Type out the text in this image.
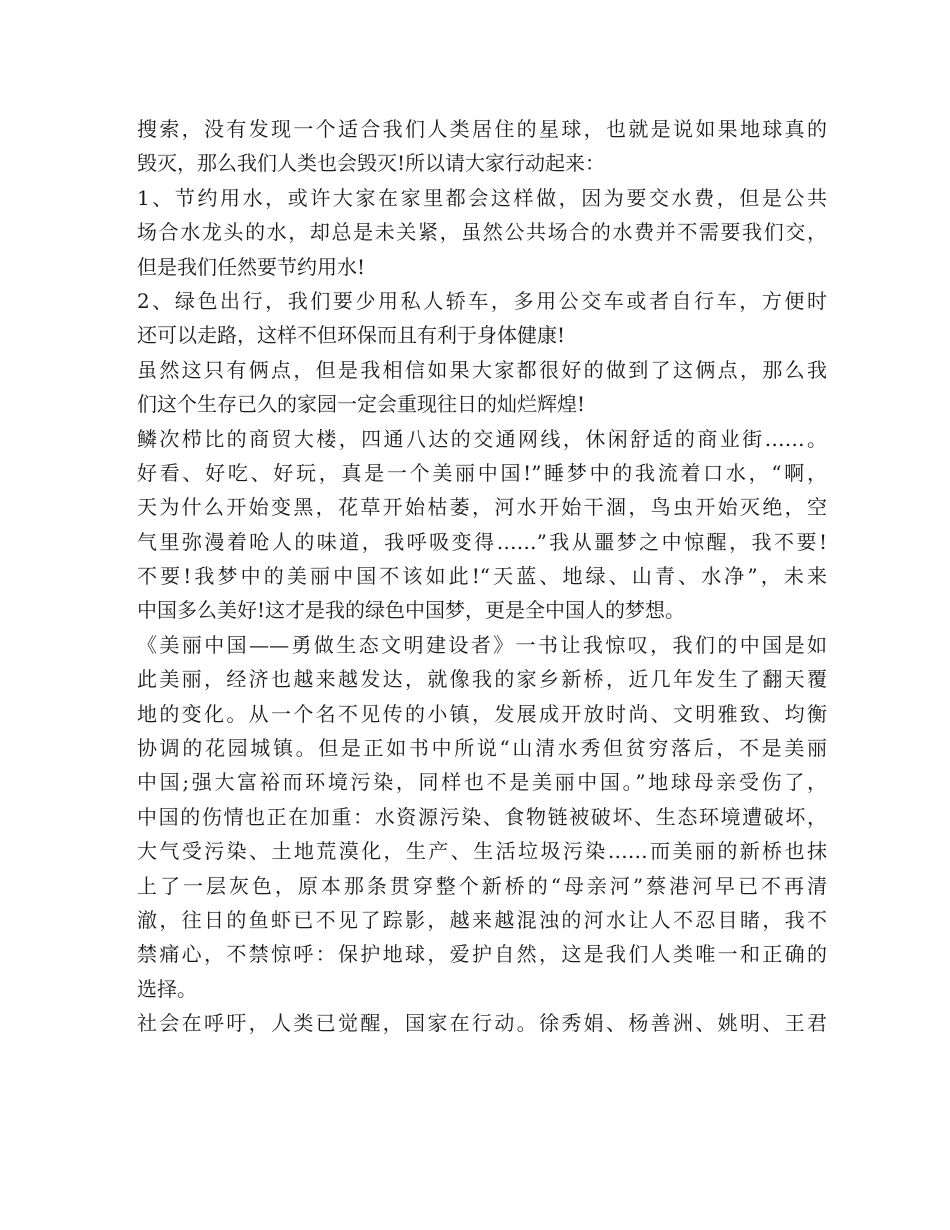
搜索，没有发现一个适合我们人类居住的星球，也就是说如果地球真的
毁灭，那么我们人类也会毁灭!所以请大家行动起来：
1、节约用水，或许大家在家里都会这样做，因为要交水费，但是公共
场合水龙头的水，却总是未关紧，虽然公共场合的水费并不需要我们交，
但是我们任然要节约用水!
2、绿色出行，我们要少用私人轿车，多用公交车或者自行车，方便时
还可以走路，这样不但环保而且有利于身体健康!
虽然这只有俩点，但是我相信如果大家都很好的做到了这俩点，那么我
们这个生存已久的家园一定会重现往日的灿烂辉煌!
鳞次栉比的商贸大楼，四通八达的交通网线，休闲舒适的商业街……。
好看、好吃、好玩，真是一个美丽中国!”睡梦中的我流着口水，“啊，
天为什么开始变黑，花草开始枯萎，河水开始干涸，鸟虫开始灭绝，空
气里弥漫着呛人的味道，我呼吸变得……”我从噩梦之中惊醒，我不要!
不要!我梦中的美丽中国不该如此!“天蓝、地绿、山青、水净”，未来
中国多么美好!这才是我的绿色中国梦，更是全中国人的梦想。
《美丽中国——勇做生态文明建设者》一书让我惊叹，我们的中国是如
此美丽，经济也越来越发达，就像我的家乡新桥，近几年发生了翻天覆
地的变化。从一个名不见传的小镇，发展成开放时尚、文明雅致、均衡
协调的花园城镇。但是正如书中所说“山清水秀但贫穷落后，不是美丽
中国;强大富裕而环境污染，同样也不是美丽中国。”地球母亲受伤了，
中国的伤情也正在加重：水资源污染、食物链被破坏、生态环境遭破坏，
大气受污染、土地荒漠化，生产、生活垃圾污染……而美丽的新桥也抹
上了一层灰色，原本那条贯穿整个新桥的“母亲河”蔡港河早已不再清
澈，往日的鱼虾已不见了踪影，越来越混浊的河水让人不忍目睹，我不
禁痛心，不禁惊呼：保护地球，爱护自然，这是我们人类唯一和正确的
选择。
社会在呼吁，人类已觉醒，国家在行动。徐秀娟、杨善洲、姚明、王君
